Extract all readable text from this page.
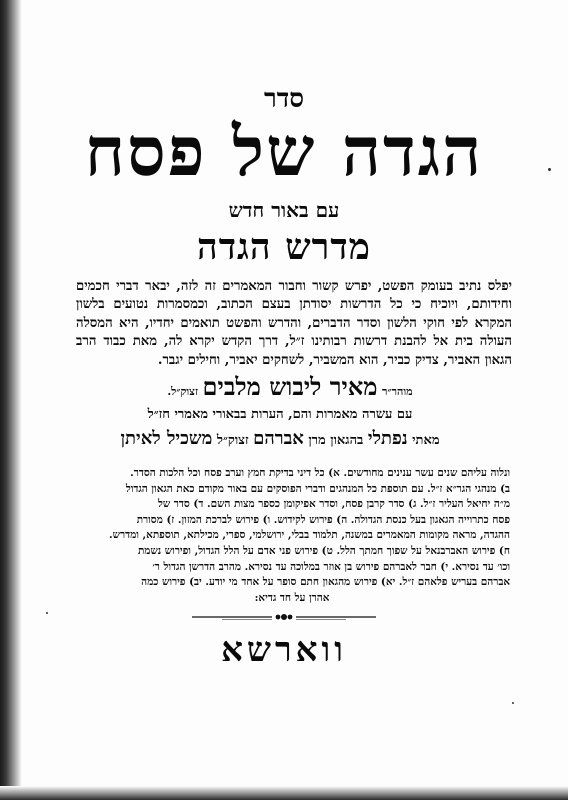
סדר
הגדה של פסח
עם באור חדש
מדרש הגדה
יפלס נתיב בעומק הפשט, יפרש קשור וחבור המאמרים זה לזה, יבאר דברי חכמים וחידותם, ויוכיח כי כל הדרשות יסודתן בעצם הכתוב, וכמסמרות נטועים בלשון המקרא לפי חוקי הלשון וסדר הדברים, והדרש והפשט תואמים יחדיו, היא המסלה העולה בית אל להבנת דרשות רבותינו ז״ל, דרך הקדש יקרא לה, מאת כבוד הרב הגאון האביר, צדיק כביר, הוא המשביר, לשחקים יאביר, וחילים יגבר.
מוהר״ר מאיר ליבוש מלבים זצוק״ל.
עם עשרה מאמרות והם, הערות בבאורי מאמרי חז״ל
מאתי נפתלי בהגאון מרן אברהם זצוק״ל משכיל לאיתן

ונלוה עליהם שנים עשר ענינים מחודשים. א) כל דיני בדיקת חמץ וערב פסח וכל הלכות הסדר.

ב) מנהגי הגר״א ז״ל. עם תוספת כל המנהגים ודברי הפוסקים עם באור מקודם כאת הגאון הגדול

מ״ה יחיאל העליר ז״ל. ג) סדר קרבן פסח, וסדר אפיקומן כספר מצות השם. ד) סדר של

פסח כתרוייה הגאגון בעל כנסת הגדולה. ה) פירוש לקידוש. ו) פירוש לברכת המזון. ז) מסורת

ההגדה, מראה מקומות המאמרים במשנה, תלמוד בבלי, ירושלמי, ספרי, מכילתא, תוספתא, ומדרש.

ח) פירוש האברבנאל על שפוך חמתך הלל. ט) פירוש פני אדם על הלל הגדול, ופירוש נשמת

וכו׳ עד נסירא. י) חבר לאברהם פירוש בן אוזר במלוכה עד נסירא. מהרב הדרשן הגדול ר׳

אברהם בעריש פלאהם ז״ל. יא) פירוש מהגאון חתם סופר על אחד מי יודע. יב) פירוש כמה

אהרן על חד גדיא:

ווארשא
